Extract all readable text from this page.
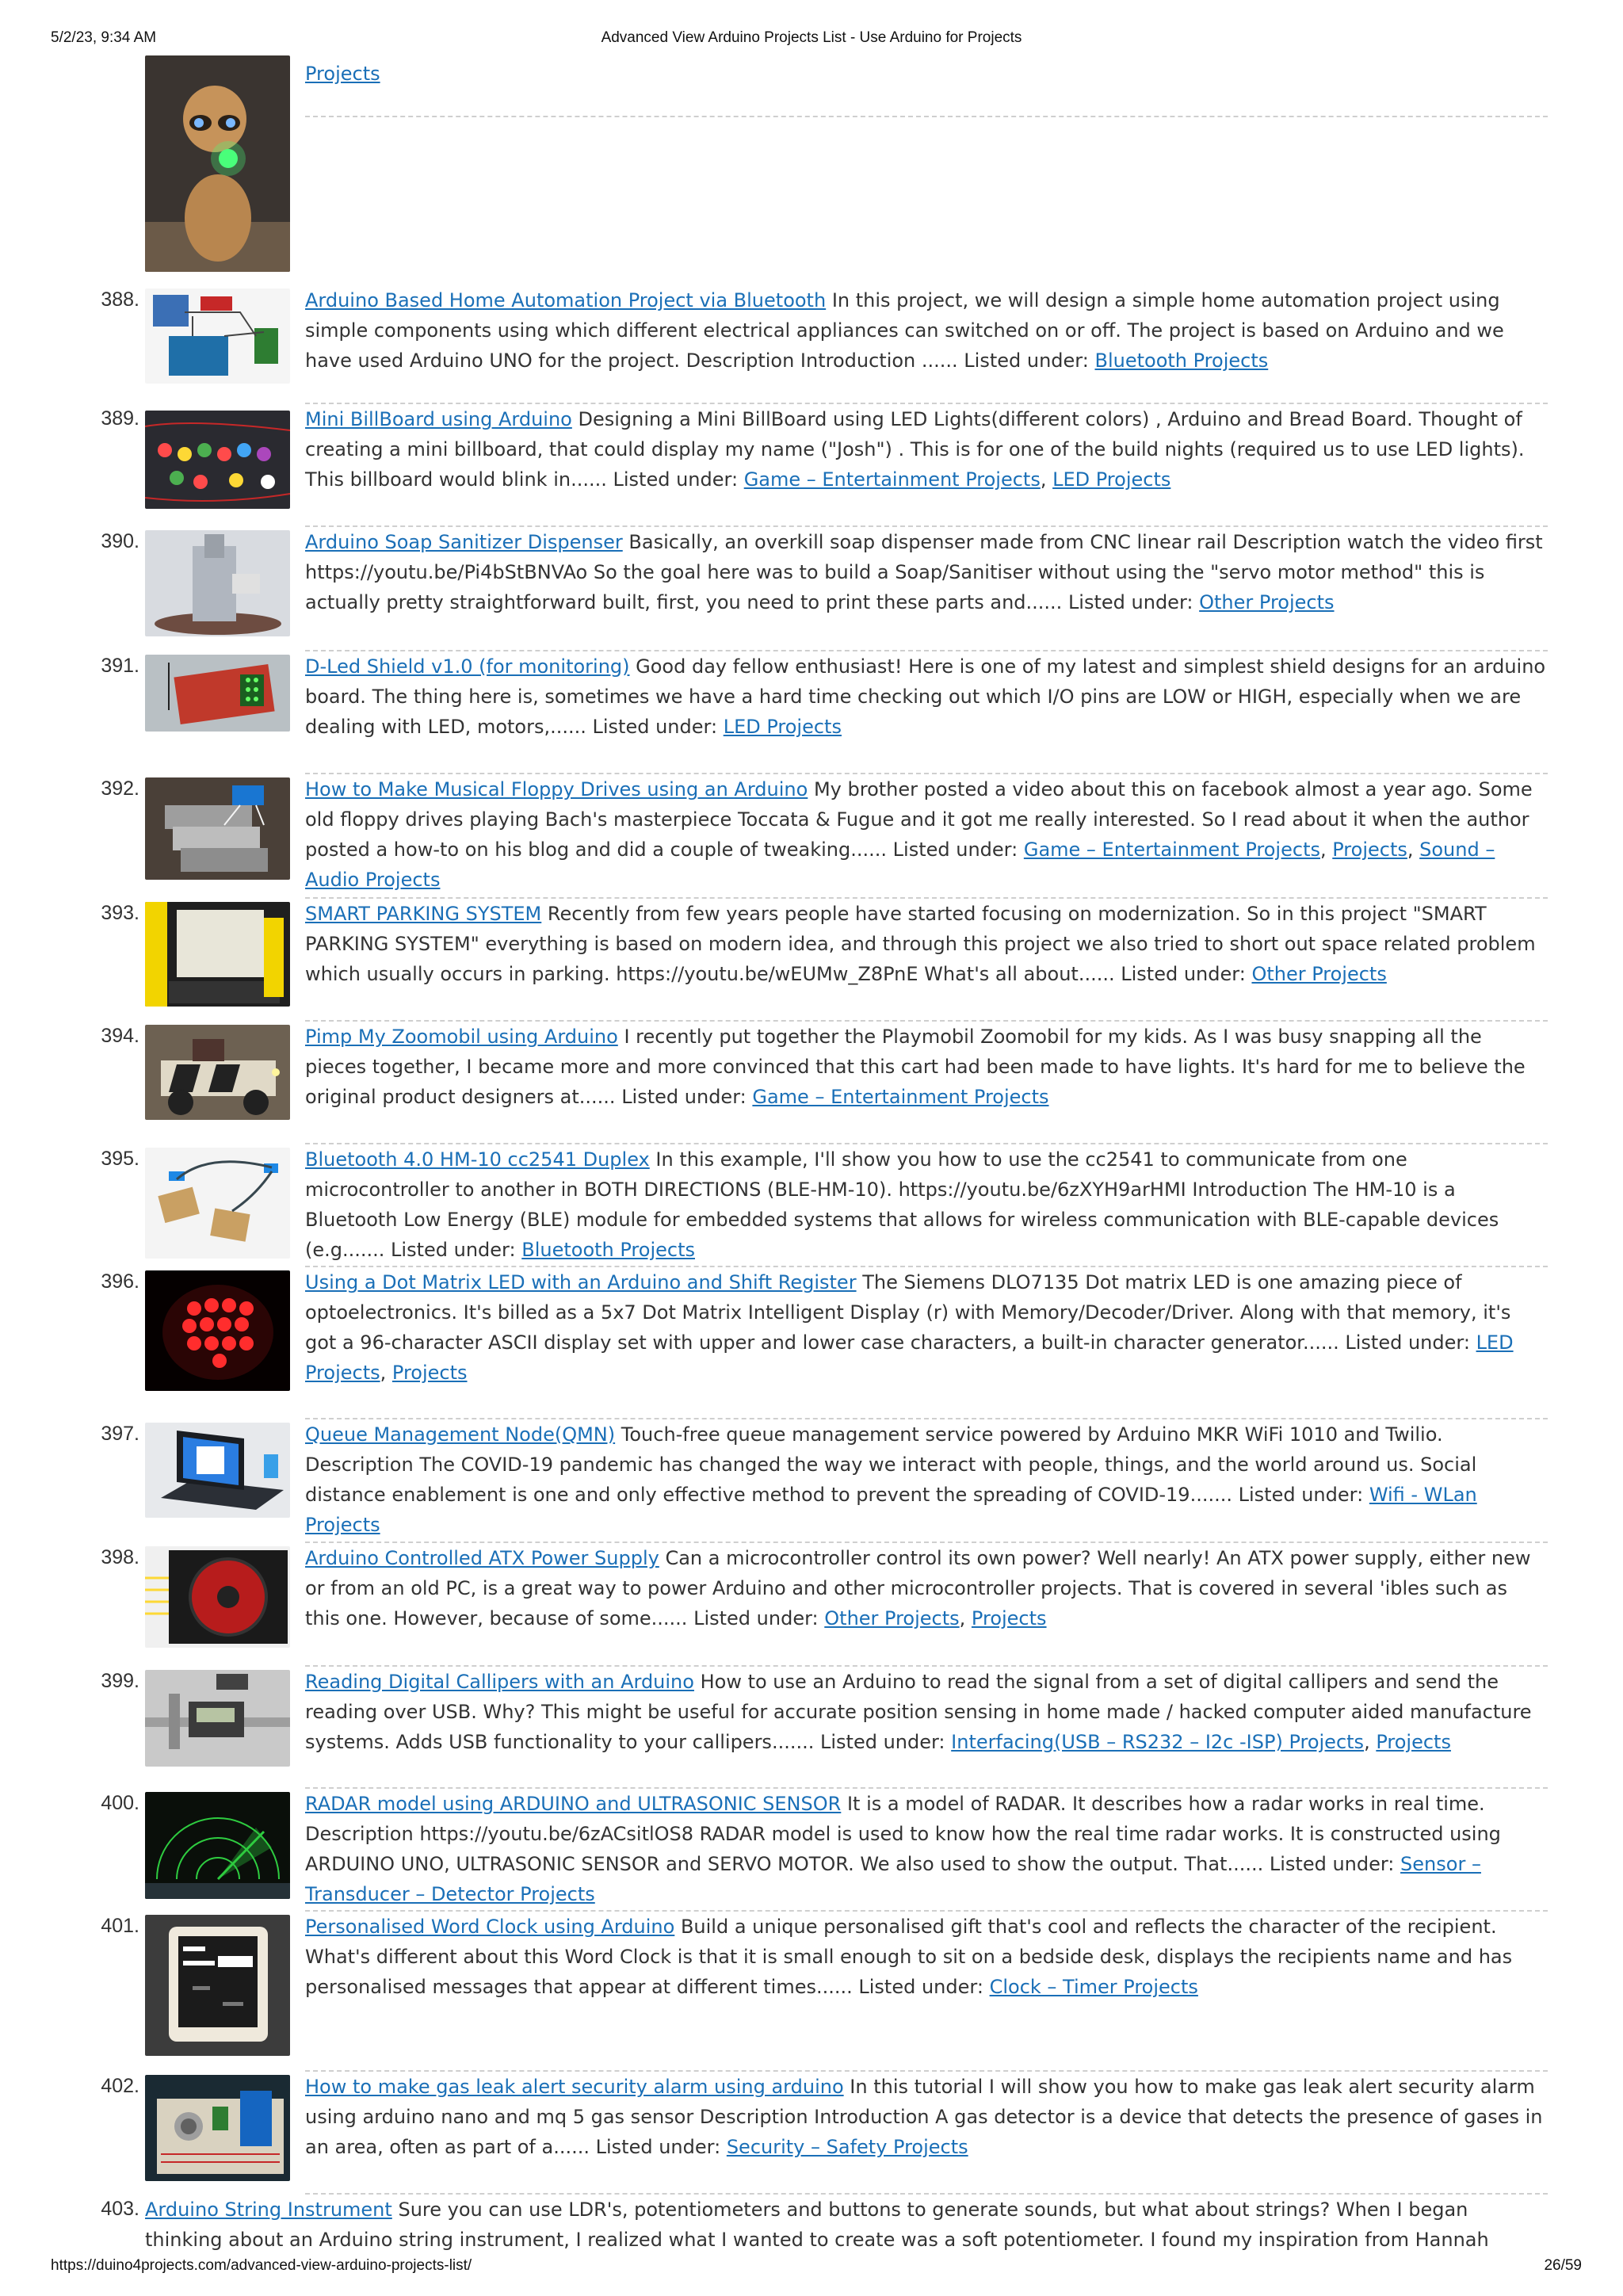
5/2/23, 9:34 AM	Advanced View Arduino Projects List - Use Arduino for Projects
Projects
388.	Arduino Based Home Automation Project via Bluetooth In this project, we will design a simple home automation project using simple components using which different electrical appliances can switched on or off. The project is based on Arduino and we have used Arduino UNO for the project. Description Introduction ...... Listed under: Bluetooth Projects
389.	Mini BillBoard using Arduino Designing a Mini BillBoard using LED Lights(different colors) , Arduino and Bread Board. Thought of creating a mini billboard, that could display my name ("Josh") . This is for one of the build nights (required us to use LED lights). This billboard would blink in...... Listed under: Game – Entertainment Projects, LED Projects
390.	Arduino Soap Sanitizer Dispenser Basically, an overkill soap dispenser made from CNC linear rail Description watch the video first https://youtu.be/Pi4bStBNVAo So the goal here was to build a Soap/Sanitiser without using the "servo motor method" this is actually pretty straightforward built, first, you need to print these parts and...... Listed under: Other Projects
391.	D-Led Shield v1.0 (for monitoring) Good day fellow enthusiast! Here is one of my latest and simplest shield designs for an arduino board. The thing here is, sometimes we have a hard time checking out which I/O pins are LOW or HIGH, especially when we are dealing with LED, motors,...... Listed under: LED Projects
392.	How to Make Musical Floppy Drives using an Arduino My brother posted a video about this on facebook almost a year ago. Some old floppy drives playing Bach's masterpiece Toccata & Fugue and it got me really interested. So I read about it when the author posted a how-to on his blog and did a couple of tweaking...... Listed under: Game – Entertainment Projects, Projects, Sound – Audio Projects
393.	SMART PARKING SYSTEM Recently from few years people have started focusing on modernization. So in this project "SMART PARKING SYSTEM" everything is based on modern idea, and through this project we also tried to short out space related problem which usually occurs in parking. https://youtu.be/wEUMw_Z8PnE What's all about...... Listed under: Other Projects
394.	Pimp My Zoomobil using Arduino I recently put together the Playmobil Zoomobil for my kids. As I was busy snapping all the pieces together, I became more and more convinced that this cart had been made to have lights. It's hard for me to believe the original product designers at...... Listed under: Game – Entertainment Projects
395.	Bluetooth 4.0 HM-10 cc2541 Duplex In this example, I'll show you how to use the cc2541 to communicate from one microcontroller to another in BOTH DIRECTIONS (BLE-HM-10). https://youtu.be/6zXYH9arHMI Introduction The HM-10 is a Bluetooth Low Energy (BLE) module for embedded systems that allows for wireless communication with BLE-capable devices (e.g....... Listed under: Bluetooth Projects
396.	Using a Dot Matrix LED with an Arduino and Shift Register The Siemens DLO7135 Dot matrix LED is one amazing piece of optoelectronics. It's billed as a 5x7 Dot Matrix Intelligent Display (r) with Memory/Decoder/Driver. Along with that memory, it's got a 96-character ASCII display set with upper and lower case characters, a built-in character generator...... Listed under: LED Projects, Projects
397.	Queue Management Node(QMN) Touch-free queue management service powered by Arduino MKR WiFi 1010 and Twilio. Description The COVID-19 pandemic has changed the way we interact with people, things, and the world around us. Social distance enablement is one and only effective method to prevent the spreading of COVID-19....... Listed under: Wifi - WLan Projects
398.	Arduino Controlled ATX Power Supply Can a microcontroller control its own power? Well nearly! An ATX power supply, either new or from an old PC, is a great way to power Arduino and other microcontroller projects. That is covered in several 'ibles such as this one. However, because of some...... Listed under: Other Projects, Projects
399.	Reading Digital Callipers with an Arduino How to use an Arduino to read the signal from a set of digital callipers and send the reading over USB. Why? This might be useful for accurate position sensing in home made / hacked computer aided manufacture systems. Adds USB functionality to your callipers....... Listed under: Interfacing(USB – RS232 – I2c -ISP) Projects, Projects
400.	RADAR model using ARDUINO and ULTRASONIC SENSOR It is a model of RADAR. It describes how a radar works in real time. Description https://youtu.be/6zACsitlOS8 RADAR model is used to know how the real time radar works. It is constructed using ARDUINO UNO, ULTRASONIC SENSOR and SERVO MOTOR. We also used to show the output. That...... Listed under: Sensor – Transducer – Detector Projects
401.	Personalised Word Clock using Arduino Build a unique personalised gift that's cool and reflects the character of the recipient. What's different about this Word Clock is that it is small enough to sit on a bedside desk, displays the recipients name and has personalised messages that appear at different times...... Listed under: Clock – Timer Projects
402.	How to make gas leak alert security alarm using arduino In this tutorial I will show you how to make gas leak alert security alarm using arduino nano and mq 5 gas sensor Description Introduction A gas detector is a device that detects the presence of gases in an area, often as part of a...... Listed under: Security – Safety Projects
403. Arduino String Instrument Sure you can use LDR's, potentiometers and buttons to generate sounds, but what about strings? When I began thinking about an Arduino string instrument, I realized what I wanted to create was a soft potentiometer. I found my inspiration from Hannah
https://duino4projects.com/advanced-view-arduino-projects-list/	26/59
